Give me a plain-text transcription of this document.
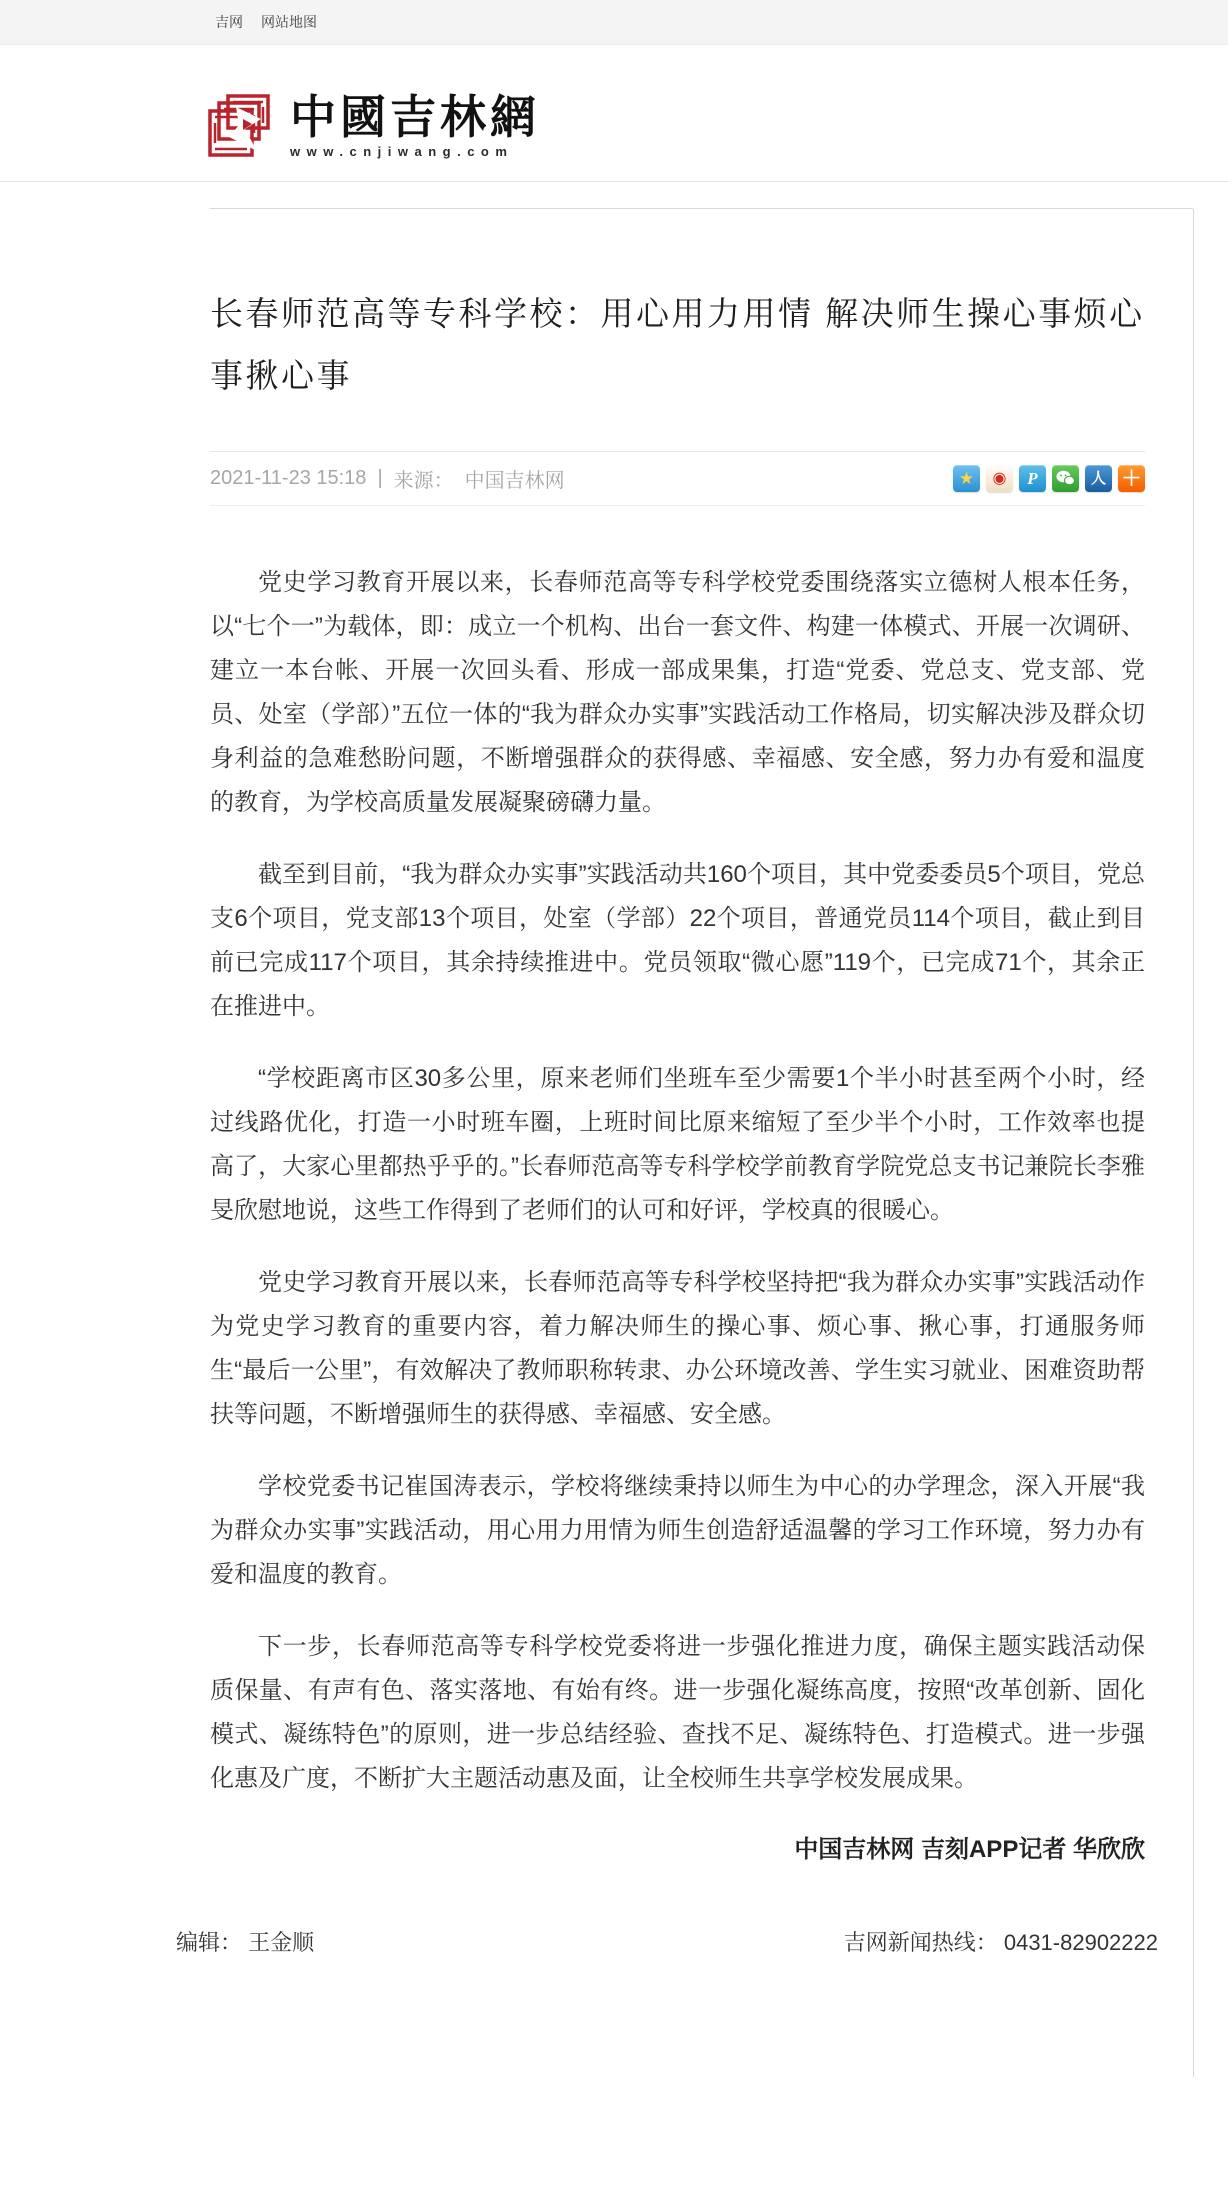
吉网 网站地图
中國吉林網
www.cnjiwang.com
长春师范高等专科学校：用心用力用情 解决师生操心事烦心事揪心事
2021-11-23 15:18 | 来源： 中国吉林网	★	◉	P	人 ＋

党史学习教育开展以来，长春师范高等专科学校党委围绕落实立德树人根本任务，以“七个一”为载体，即：成立一个机构、出台一套文件、构建一体模式、开展一次调研、建立一本台帐、开展一次回头看、形成一部成果集，打造“党委、党总支、党支部、党员、处室（学部）”五位一体的“我为群众办实事”实践活动工作格局，切实解决涉及群众切身利益的急难愁盼问题，不断增强群众的获得感、幸福感、安全感，努力办有爱和温度的教育，为学校高质量发展凝聚磅礴力量。

截至到目前，“我为群众办实事”实践活动共160个项目，其中党委委员5个项目，党总支6个项目，党支部13个项目，处室（学部）22个项目，普通党员114个项目，截止到目前已完成117个项目，其余持续推进中。党员领取“微心愿”119个，已完成71个，其余正在推进中。

“学校距离市区30多公里，原来老师们坐班车至少需要1个半小时甚至两个小时，经过线路优化，打造一小时班车圈，上班时间比原来缩短了至少半个小时，工作效率也提高了，大家心里都热乎乎的。”长春师范高等专科学校学前教育学院党总支书记兼院长李雅旻欣慰地说，这些工作得到了老师们的认可和好评，学校真的很暖心。

党史学习教育开展以来，长春师范高等专科学校坚持把“我为群众办实事”实践活动作为党史学习教育的重要内容，着力解决师生的操心事、烦心事、揪心事，打通服务师生“最后一公里”，有效解决了教师职称转隶、办公环境改善、学生实习就业、困难资助帮扶等问题，不断增强师生的获得感、幸福感、安全感。

学校党委书记崔国涛表示，学校将继续秉持以师生为中心的办学理念，深入开展“我为群众办实事”实践活动，用心用力用情为师生创造舒适温馨的学习工作环境，努力办有爱和温度的教育。

下一步，长春师范高等专科学校党委将进一步强化推进力度，确保主题实践活动保质保量、有声有色、落实落地、有始有终。进一步强化凝练高度，按照“改革创新、固化模式、凝练特色”的原则，进一步总结经验、查找不足、凝练特色、打造模式。进一步强化惠及广度，不断扩大主题活动惠及面，让全校师生共享学校发展成果。

中国吉林网 吉刻APP记者 华欣欣
编辑： 王金顺	吉网新闻热线： 0431-82902222
